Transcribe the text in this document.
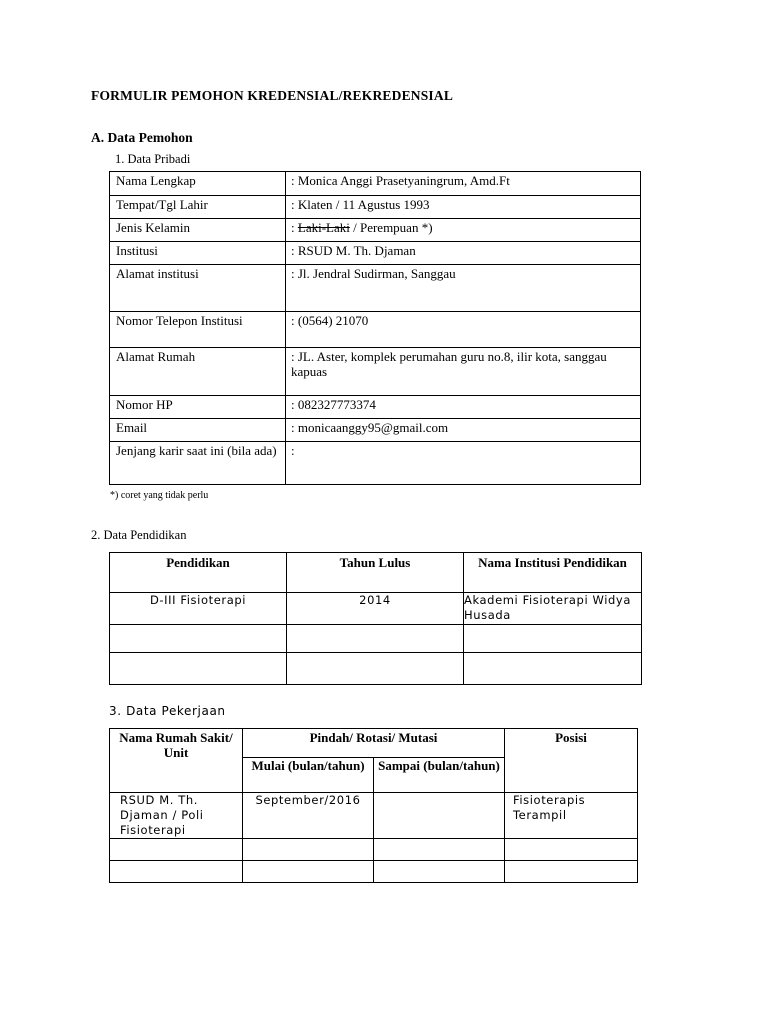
FORMULIR PEMOHON KREDENSIAL/REKREDENSIAL
A. Data Pemohon
1. Data Pribadi
Nama Lengkap	: Monica Anggi Prasetyaningrum, Amd.Ft
Tempat/Tgl Lahir	: Klaten / 11 Agustus 1993
Jenis Kelamin	: Laki-Laki / Perempuan *)
Institusi	: RSUD M. Th. Djaman
Alamat institusi	: Jl. Jendral Sudirman, Sanggau
Nomor Telepon Institusi	: (0564) 21070
Alamat Rumah	: JL. Aster, komplek perumahan guru no.8, ilir kota, sanggau kapuas
Nomor HP	: 082327773374
Email	: monicaanggy95@gmail.com
Jenjang karir saat ini (bila ada)	:
*) coret yang tidak perlu
2. Data Pendidikan
Pendidikan	Tahun Lulus	Nama Institusi Pendidikan
D-III Fisioterapi	2014	Akademi Fisioterapi Widya Husada

3. Data Pekerjaan
Nama Rumah Sakit/ Unit	Pindah/ Rotasi/ Mutasi		Posisi
	Mulai (bulan/tahun)	Sampai (bulan/tahun)	
RSUD M. Th. Djaman / Poli Fisioterapi	September/2016		Fisioterapis Terampil
